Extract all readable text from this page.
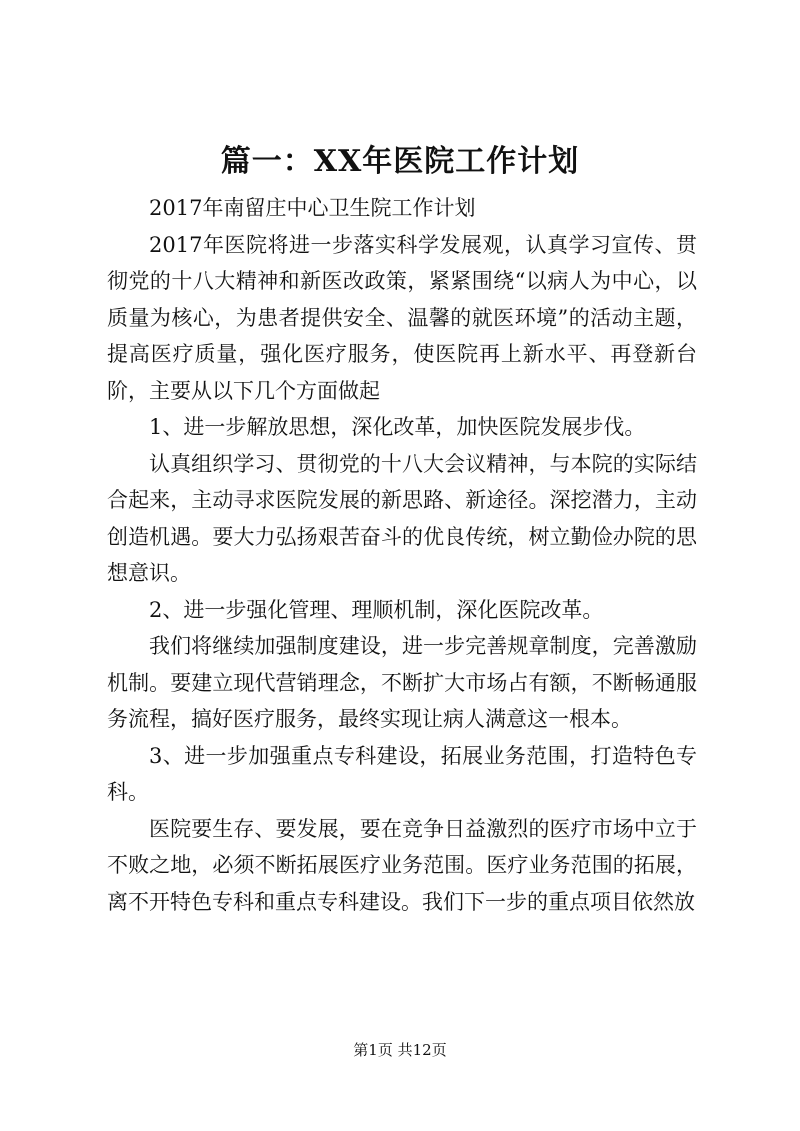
篇一：XX年医院工作计划

2017年南留庄中心卫生院工作计划

2017年医院将进一步落实科学发展观，认真学习宣传、贯彻党的十八大精神和新医改政策，紧紧围绕“以病人为中心，以质量为核心，为患者提供安全、温馨的就医环境”的活动主题，提高医疗质量，强化医疗服务，使医院再上新水平、再登新台阶，主要从以下几个方面做起

1、进一步解放思想，深化改革，加快医院发展步伐。

认真组织学习、贯彻党的十八大会议精神，与本院的实际结合起来，主动寻求医院发展的新思路、新途径。深挖潜力，主动创造机遇。要大力弘扬艰苦奋斗的优良传统，树立勤俭办院的思想意识。

2、进一步强化管理、理顺机制，深化医院改革。

我们将继续加强制度建设，进一步完善规章制度，完善激励机制。要建立现代营销理念，不断扩大市场占有额，不断畅通服务流程，搞好医疗服务，最终实现让病人满意这一根本。

3、进一步加强重点专科建设，拓展业务范围，打造特色专科。

医院要生存、要发展，要在竞争日益激烈的医疗市场中立于不败之地，必须不断拓展医疗业务范围。医疗业务范围的拓展，离不开特色专科和重点专科建设。我们下一步的重点项目依然放

第1页 共12页
